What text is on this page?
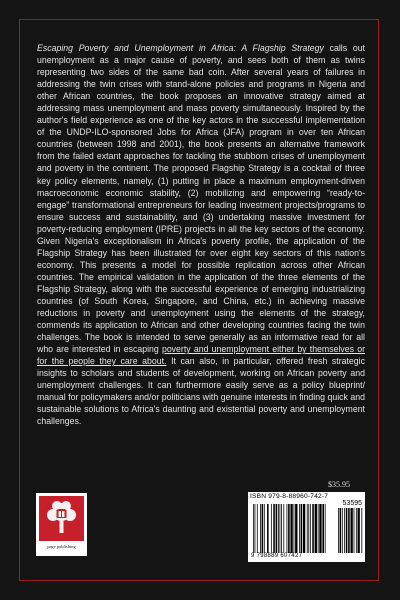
Escaping Poverty and Unemployment in Africa: A Flagship Strategy calls out unemployment as a major cause of poverty, and sees both of them as twins representing two sides of the same bad coin. After several years of failures in addressing the twin crises with stand-alone policies and programs in Nigeria and other African countries, the book proposes an innovative strategy aimed at addressing mass unemployment and mass poverty simultaneously. Inspired by the author's field experience as one of the key actors in the successful implementation of the UNDP-ILO-sponsored Jobs for Africa (JFA) program in over ten African countries (between 1998 and 2001), the book presents an alternative framework from the failed extant approaches for tackling the stubborn crises of unemployment and poverty in the continent. The proposed Flagship Strategy is a cocktail of three key policy elements, namely, (1) putting in place a maximum employment-driven macroeconomic economic stability, (2) mobilizing and empowering “ready-to-engage” transformational entrepreneurs for leading investment projects/programs to ensure success and sustainability, and (3) undertaking massive investment for poverty-reducing employment (IPRE) projects in all the key sectors of the economy. Given Nigeria's exceptionalism in Africa's poverty profile, the application of the Flagship Strategy has been illustrated for over eight key sectors of this nation's economy. This presents a model for possible replication across other African countries. The empirical validation in the application of the three elements of the Flagship Strategy, along with the successful experience of emerging industrializing countries (of South Korea, Singapore, and China, etc.) in achieving massive reductions in poverty and unemployment using the elements of the strategy, commends its application to African and other developing countries facing the twin challenges. The book is intended to serve generally as an informative read for all who are interested in escaping poverty and unemployment either by themselves or for the people they care about. It can also, in particular, offered fresh strategic insights to scholars and students of development, working on African poverty and unemployment challenges. It can furthermore easily serve as a policy blueprint/ manual for policymakers and/or politicians with genuine interests in finding quick and sustainable solutions to Africa's daunting and existential poverty and unemployment challenges.

$35.95
page publishing
ISBN 979-8-88960-742-7
53595
9 798889 607427
